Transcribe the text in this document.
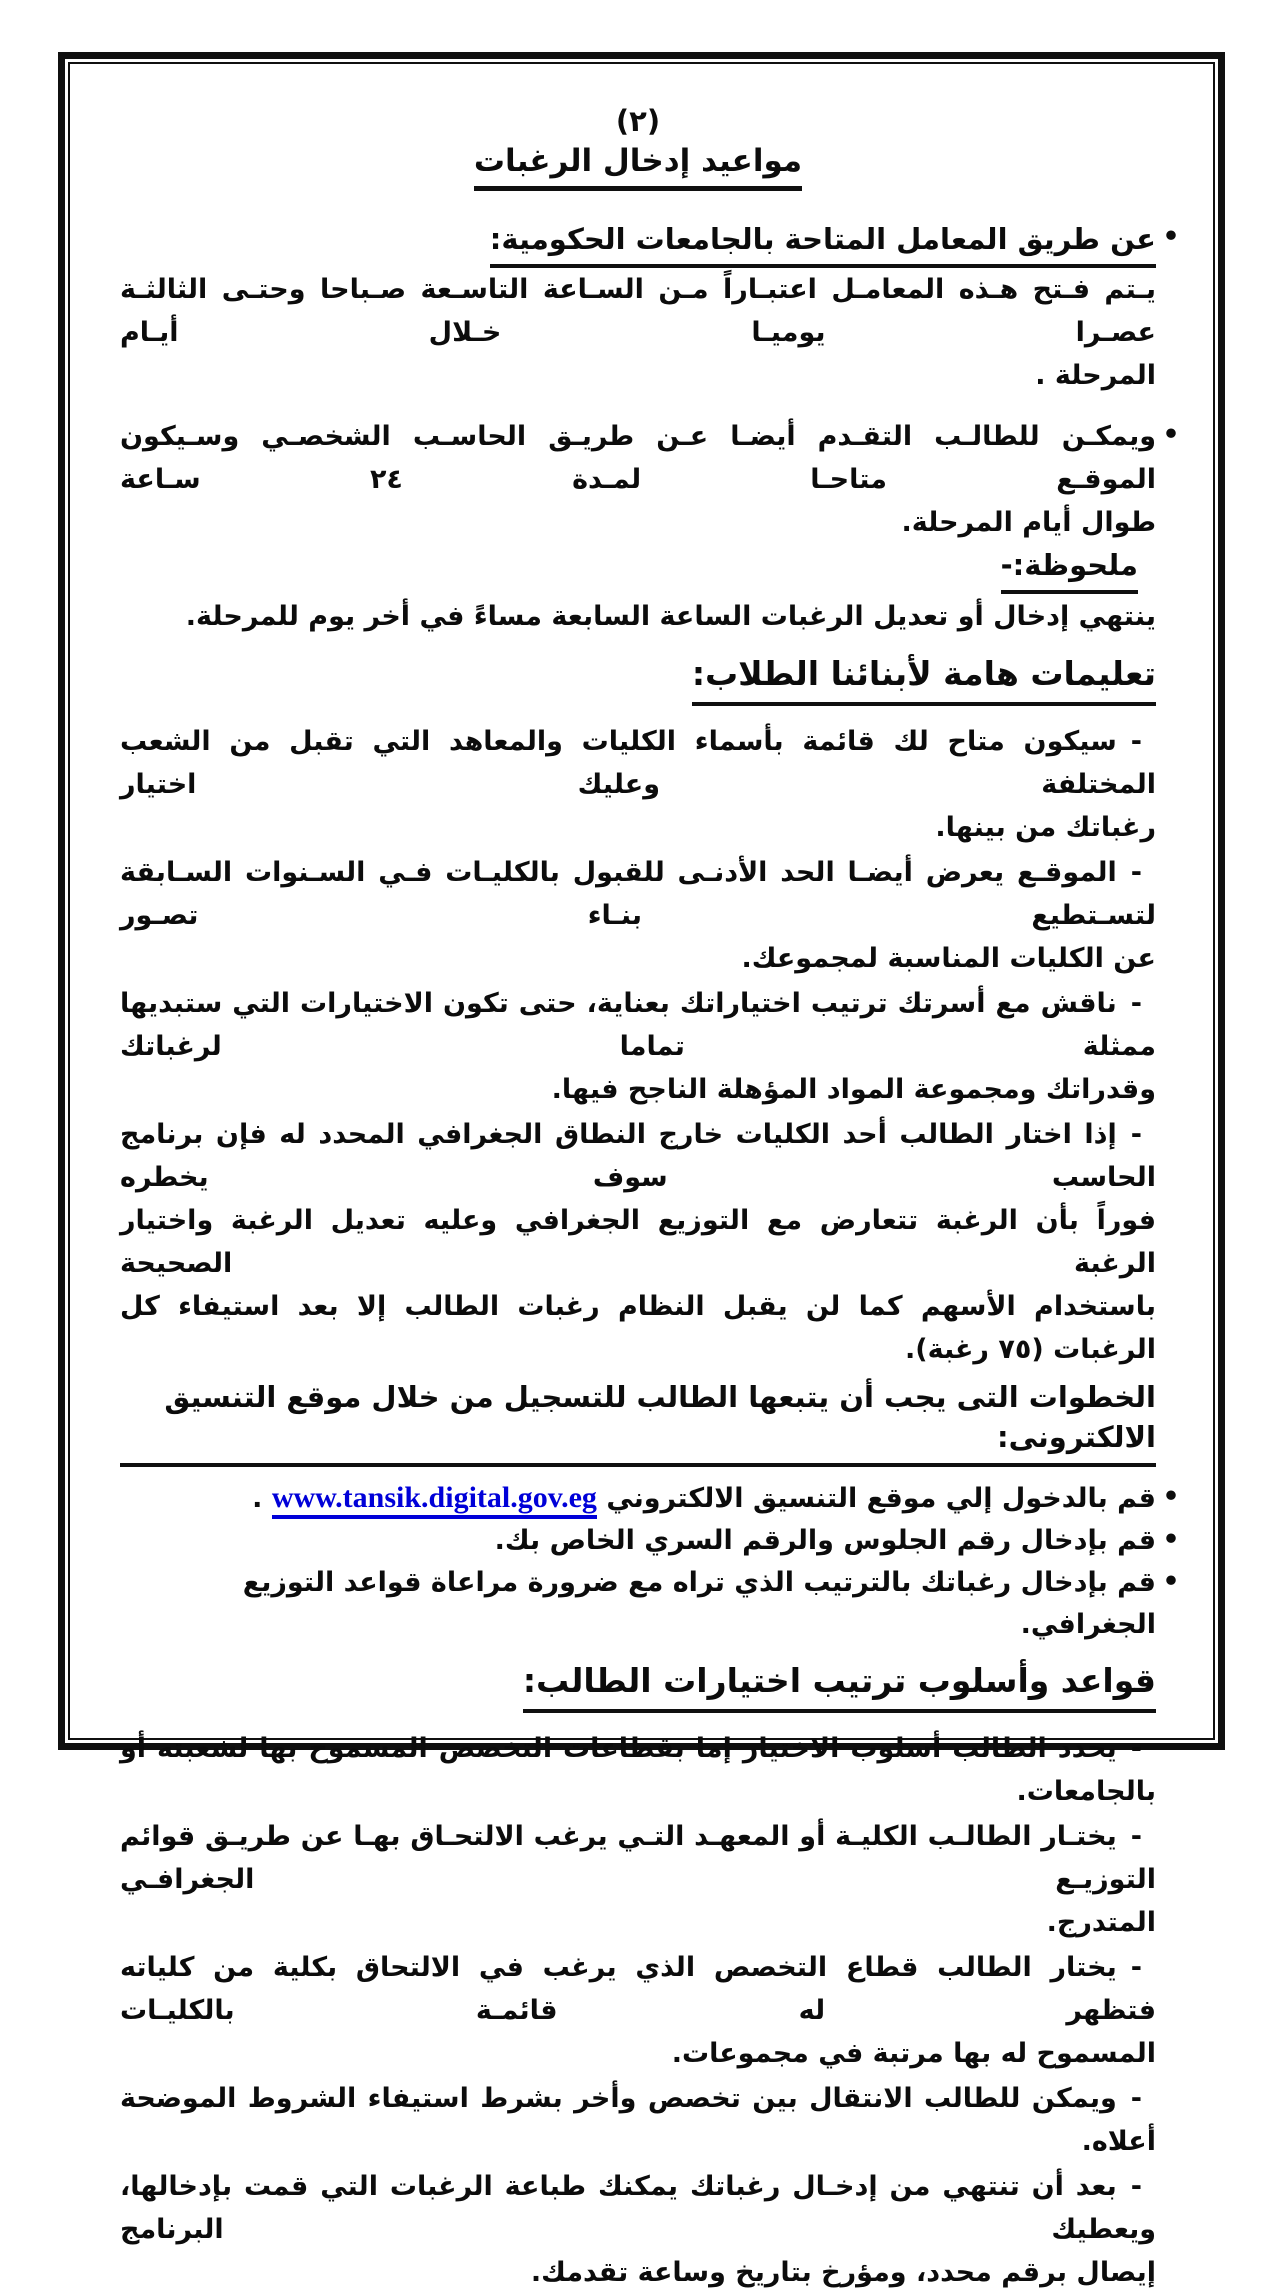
(٢)
مواعيد إدخال الرغبات
•
عن طريق المعامل المتاحة بالجامعات الحكومية:
يـتم فـتح هـذه المعامـل اعتبـاراً مـن السـاعة التاسـعة صـباحا وحتـى الثالثـة عصـرا يوميـا خـلال أيـام
المرحلة .
•
ويمكـن للطالـب التقـدم أيضـا عـن طريـق الحاسـب الشخصـي وسـيكون الموقـع متاحـا لمـدة ٢٤ سـاعة
طوال أيام المرحلة.
ملحوظة:-
ينتهي إدخال أو تعديل الرغبات الساعة السابعة مساءً في أخر يوم للمرحلة.
تعليمات هامة لأبنائنا الطلاب:
-سيكون متاح لك قائمة بأسماء الكليات والمعاهد التي تقبل من الشعب المختلفة وعليك اختيار
رغباتك من بينها.
-الموقـع يعرض أيضـا الحد الأدنـى للقبول بالكليـات فـي السـنوات السـابقة لتسـتطيع بنـاء تصـور
عن الكليات المناسبة لمجموعك.
-ناقش مع أسرتك ترتيب اختياراتك بعناية، حتى تكون الاختيارات التي ستبديها ممثلة تماما لرغباتك
وقدراتك ومجموعة المواد المؤهلة الناجح فيها.
-إذا اختار الطالب أحد الكليات خارج النطاق الجغرافي المحدد له فإن برنامج الحاسب سوف يخطره
فوراً بأن الرغبة تتعارض مع التوزيع الجغرافي وعليه تعديل الرغبة واختيار الرغبة الصحيحة
باستخدام الأسهم كما لن يقبل النظام رغبات الطالب إلا بعد استيفاء كل الرغبات (٧٥ رغبة).
الخطوات التى يجب أن يتبعها الطالب للتسجيل من خلال موقع التنسيق الالكترونى:
•
قم بالدخول إلي موقع التنسيق الالكتروني www.tansik.digital.gov.eg .
•
قم بإدخال رقم الجلوس والرقم السري الخاص بك.
•
قم بإدخال رغباتك بالترتيب الذي تراه مع ضرورة مراعاة قواعد التوزيع الجغرافي.
قواعد وأسلوب ترتيب اختيارات الطالب:
-يحدد الطالب أسلوب الاختيار إما بقطاعات التخصص المسموح بها لشعبته أو بالجامعات.
-يختـار الطالـب الكليـة أو المعهـد التـي يرغب الالتحـاق بهـا عن طريـق قوائم التوزيـع الجغرافـي
المتدرج.
-يختار الطالب قطاع التخصص الذي يرغب في الالتحاق بكلية من كلياته فتظهر له قائمـة بالكليـات
المسموح له بها مرتبة في مجموعات.
-ويمكن للطالب الانتقال بين تخصص وأخر بشرط استيفاء الشروط الموضحة أعلاه.
-بعد أن تنتهي من إدخـال رغباتك يمكنك طباعة الرغبات التي قمت بإدخالها، ويعطيك البرنامج
إيصال برقم محدد، ومؤرخ بتاريخ وساعة تقدمك.
